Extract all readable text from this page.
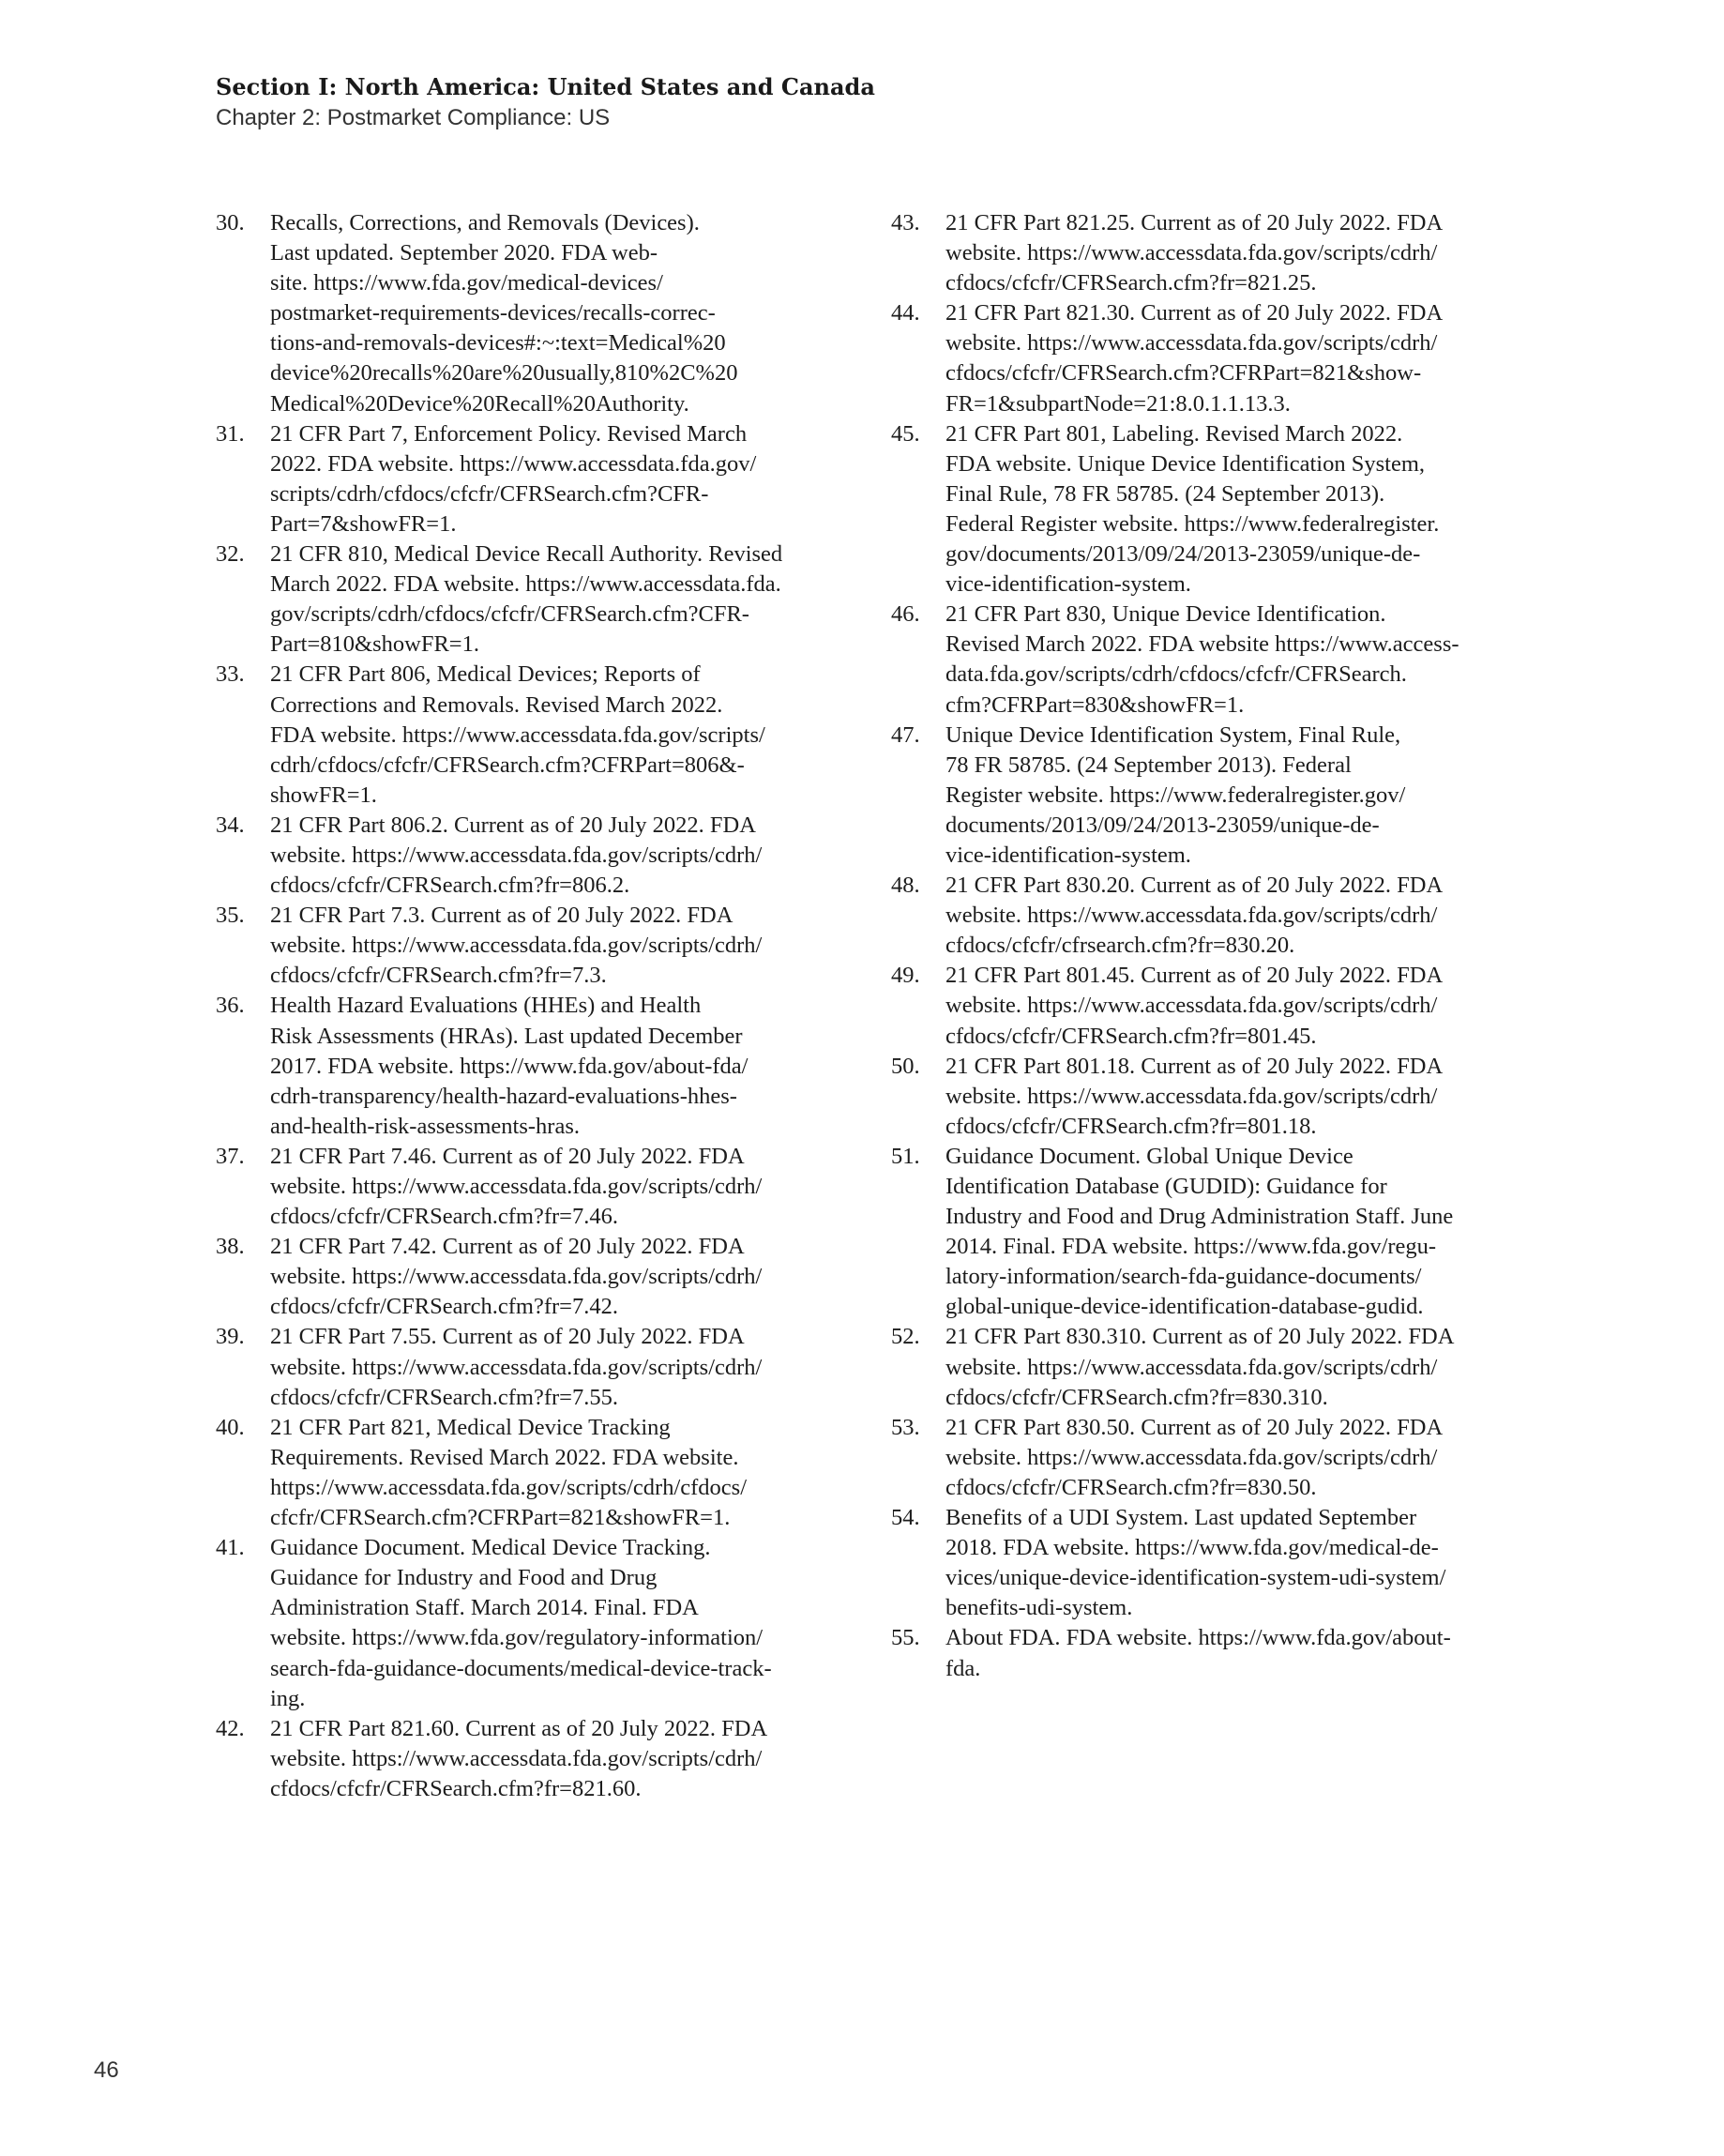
Section I: North America: United States and Canada

Chapter 2: Postmarket Compliance: US

30.	Recalls, Corrections, and Removals (Devices).
Last updated. September 2020. FDA web-
site. https://www.fda.gov/medical-devices/
postmarket-requirements-devices/recalls-correc-
tions-and-removals-devices#:~:text=Medical%20
device%20recalls%20are%20usually,810%2C%20
Medical%20Device%20Recall%20Authority.
31.	21 CFR Part 7, Enforcement Policy. Revised March
2022. FDA website. https://www.accessdata.fda.gov/
scripts/cdrh/cfdocs/cfcfr/CFRSearch.cfm?CFR-
Part=7&showFR=1.
32.	21 CFR 810, Medical Device Recall Authority. Revised
March 2022. FDA website. https://www.accessdata.fda.
gov/scripts/cdrh/cfdocs/cfcfr/CFRSearch.cfm?CFR-
Part=810&showFR=1.
33.	21 CFR Part 806, Medical Devices; Reports of
Corrections and Removals. Revised March 2022.
FDA website. https://www.accessdata.fda.gov/scripts/
cdrh/cfdocs/cfcfr/CFRSearch.cfm?CFRPart=806&-
showFR=1.
34.	21 CFR Part 806.2. Current as of 20 July 2022. FDA
website. https://www.accessdata.fda.gov/scripts/cdrh/
cfdocs/cfcfr/CFRSearch.cfm?fr=806.2.
35.	21 CFR Part 7.3. Current as of 20 July 2022. FDA
website. https://www.accessdata.fda.gov/scripts/cdrh/
cfdocs/cfcfr/CFRSearch.cfm?fr=7.3.
36.	Health Hazard Evaluations (HHEs) and Health
Risk Assessments (HRAs). Last updated December
2017. FDA website. https://www.fda.gov/about-fda/
cdrh-transparency/health-hazard-evaluations-hhes-
and-health-risk-assessments-hras.
37.	21 CFR Part 7.46. Current as of 20 July 2022. FDA
website. https://www.accessdata.fda.gov/scripts/cdrh/
cfdocs/cfcfr/CFRSearch.cfm?fr=7.46.
38.	21 CFR Part 7.42. Current as of 20 July 2022. FDA
website. https://www.accessdata.fda.gov/scripts/cdrh/
cfdocs/cfcfr/CFRSearch.cfm?fr=7.42.
39.	21 CFR Part 7.55. Current as of 20 July 2022. FDA
website. https://www.accessdata.fda.gov/scripts/cdrh/
cfdocs/cfcfr/CFRSearch.cfm?fr=7.55.
40.	21 CFR Part 821, Medical Device Tracking
Requirements. Revised March 2022. FDA website.
https://www.accessdata.fda.gov/scripts/cdrh/cfdocs/
cfcfr/CFRSearch.cfm?CFRPart=821&showFR=1.
41.	Guidance Document. Medical Device Tracking.
Guidance for Industry and Food and Drug
Administration Staff. March 2014. Final. FDA
website. https://www.fda.gov/regulatory-information/
search-fda-guidance-documents/medical-device-track-
ing.
42.	21 CFR Part 821.60. Current as of 20 July 2022. FDA
website. https://www.accessdata.fda.gov/scripts/cdrh/
cfdocs/cfcfr/CFRSearch.cfm?fr=821.60.
43.	21 CFR Part 821.25. Current as of 20 July 2022. FDA
website. https://www.accessdata.fda.gov/scripts/cdrh/
cfdocs/cfcfr/CFRSearch.cfm?fr=821.25.
44.	21 CFR Part 821.30. Current as of 20 July 2022. FDA
website. https://www.accessdata.fda.gov/scripts/cdrh/
cfdocs/cfcfr/CFRSearch.cfm?CFRPart=821&show-
FR=1&subpartNode=21:8.0.1.1.13.3.
45.	21 CFR Part 801, Labeling. Revised March 2022.
FDA website. Unique Device Identification System,
Final Rule, 78 FR 58785. (24 September 2013).
Federal Register website. https://www.federalregister.
gov/documents/2013/09/24/2013-23059/unique-de-
vice-identification-system.
46.	21 CFR Part 830, Unique Device Identification.
Revised March 2022. FDA website https://www.access-
data.fda.gov/scripts/cdrh/cfdocs/cfcfr/CFRSearch.
cfm?CFRPart=830&showFR=1.
47.	Unique Device Identification System, Final Rule,
78 FR 58785. (24 September 2013). Federal
Register website. https://www.federalregister.gov/
documents/2013/09/24/2013-23059/unique-de-
vice-identification-system.
48.	21 CFR Part 830.20. Current as of 20 July 2022. FDA
website. https://www.accessdata.fda.gov/scripts/cdrh/
cfdocs/cfcfr/cfrsearch.cfm?fr=830.20.
49.	21 CFR Part 801.45. Current as of 20 July 2022. FDA
website. https://www.accessdata.fda.gov/scripts/cdrh/
cfdocs/cfcfr/CFRSearch.cfm?fr=801.45.
50.	21 CFR Part 801.18. Current as of 20 July 2022. FDA
website. https://www.accessdata.fda.gov/scripts/cdrh/
cfdocs/cfcfr/CFRSearch.cfm?fr=801.18.
51.	Guidance Document. Global Unique Device
Identification Database (GUDID): Guidance for
Industry and Food and Drug Administration Staff. June
2014. Final. FDA website. https://www.fda.gov/regu-
latory-information/search-fda-guidance-documents/
global-unique-device-identification-database-gudid.
52.	21 CFR Part 830.310. Current as of 20 July 2022. FDA
website. https://www.accessdata.fda.gov/scripts/cdrh/
cfdocs/cfcfr/CFRSearch.cfm?fr=830.310.
53.	21 CFR Part 830.50. Current as of 20 July 2022. FDA
website. https://www.accessdata.fda.gov/scripts/cdrh/
cfdocs/cfcfr/CFRSearch.cfm?fr=830.50.
54.	Benefits of a UDI System. Last updated September
2018. FDA website. https://www.fda.gov/medical-de-
vices/unique-device-identification-system-udi-system/
benefits-udi-system.
55.	About FDA. FDA website. https://www.fda.gov/about-
fda.
46
